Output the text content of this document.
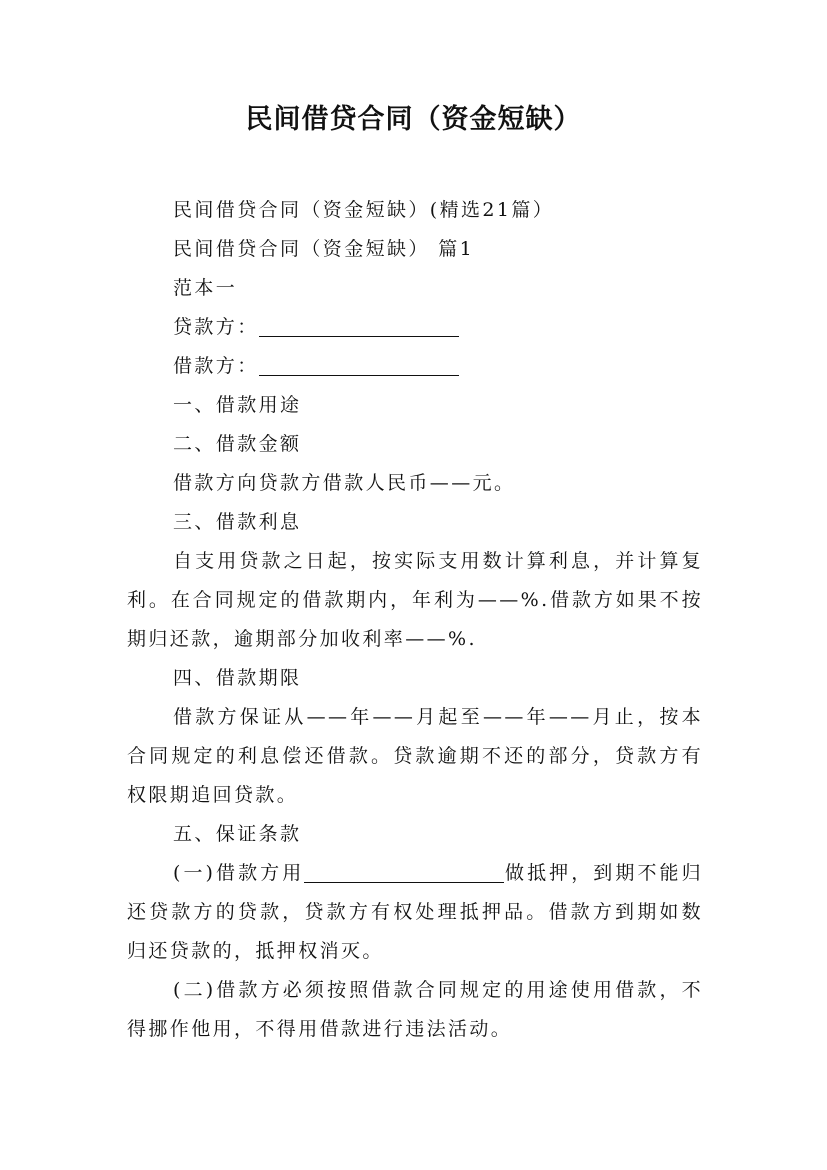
民间借贷合同（资金短缺）

民间借贷合同（资金短缺）(精选21篇）

民间借贷合同（资金短缺） 篇1

范本一

贷款方：

借款方：

一、借款用途

二、借款金额

借款方向贷款方借款人民币——元。

三、借款利息

自支用贷款之日起，按实际支用数计算利息，并计算复利。在合同规定的借款期内，年利为——%.借款方如果不按期归还款，逾期部分加收利率——%.

四、借款期限

借款方保证从——年——月起至——年——月止，按本合同规定的利息偿还借款。贷款逾期不还的部分，贷款方有权限期追回贷款。

五、保证条款

(一)借款方用	做抵押，到期不能归还贷款方的贷款，贷款方有权处理抵押品。借款方到期如数归还贷款的，抵押权消灭。

(二)借款方必须按照借款合同规定的用途使用借款，不得挪作他用，不得用借款进行违法活动。
